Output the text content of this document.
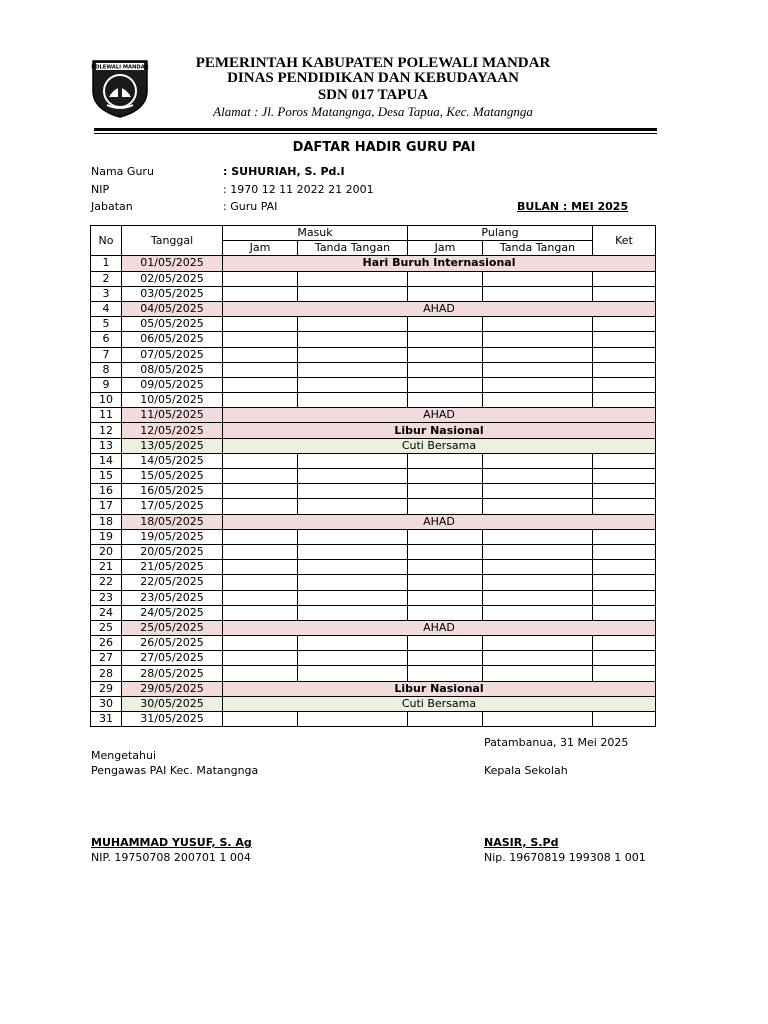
POLEWALI MANDAR	PEMERINTAH KABUPATEN POLEWALI MANDAR
DINAS PENDIDIKAN DAN KEBUDAYAAN
SDN 017 TAPUA
Alamat : Jl. Poros Matangnga, Desa Tapua, Kec. Matangnga
DAFTAR HADIR GURU PAI
Nama Guru	: SUHURIAH, S. Pd.I
NIP	: 1970 12 11 2022 21 2001
Jabatan	: Guru PAI	BULAN : MEI 2025
No	Tanggal	Masuk		Pulang		Ket
		Jam	Tanda Tangan	Jam	Tanda Tangan	
1	01/05/2025	Hari Buruh Internasional				
2	02/05/2025					
3	03/05/2025					
4	04/05/2025	AHAD				
5	05/05/2025					
6	06/05/2025					
7	07/05/2025					
8	08/05/2025					
9	09/05/2025					
10	10/05/2025					
11	11/05/2025	AHAD				
12	12/05/2025	Libur Nasional				
13	13/05/2025	Cuti Bersama				
14	14/05/2025					
15	15/05/2025					
16	16/05/2025					
17	17/05/2025					
18	18/05/2025	AHAD				
19	19/05/2025					
20	20/05/2025					
21	21/05/2025					
22	22/05/2025					
23	23/05/2025					
24	24/05/2025					
25	25/05/2025	AHAD				
26	26/05/2025					
27	27/05/2025					
28	28/05/2025					
29	29/05/2025	Libur Nasional				
30	30/05/2025	Cuti Bersama				
31	31/05/2025					
Patambanua, 31 Mei 2025
Mengetahui
Pengawas PAI Kec. Matangnga	Kepala Sekolah
MUHAMMAD YUSUF, S. Ag
NIP. 19750708 200701 1 004
NASIR, S.Pd
Nip. 19670819 199308 1 001
